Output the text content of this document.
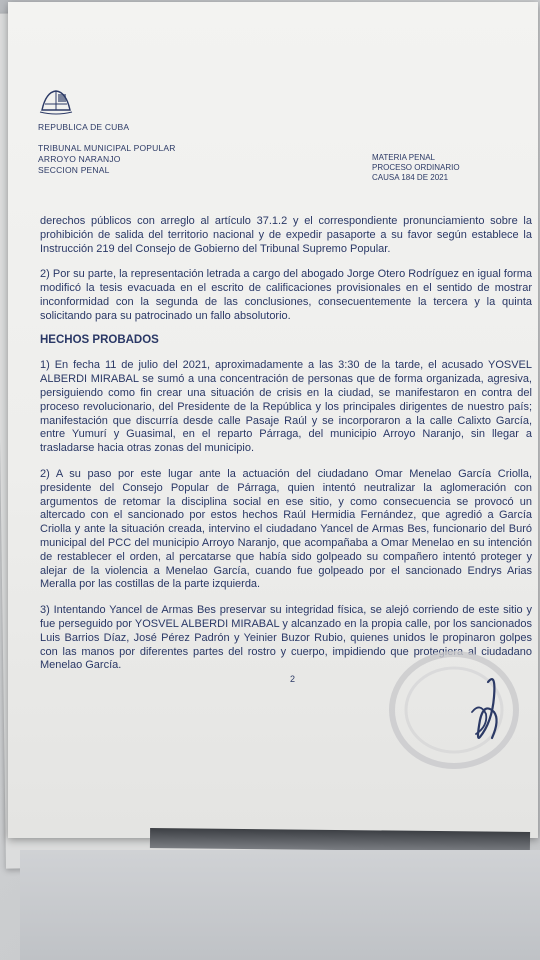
REPUBLICA DE CUBA
TRIBUNAL MUNICIPAL POPULAR
ARROYO NARANJO
SECCION PENAL
MATERIA PENAL
PROCESO ORDINARIO
CAUSA 184 DE 2021

derechos públicos con arreglo al artículo 37.1.2 y el correspondiente pronunciamiento sobre la prohibición de salida del territorio nacional y de expedir pasaporte a su favor según establece la Instrucción 219 del Consejo de Gobierno del Tribunal Supremo Popular.

2) Por su parte, la representación letrada a cargo del abogado Jorge Otero Rodríguez en igual forma modificó la tesis evacuada en el escrito de calificaciones provisionales en el sentido de mostrar inconformidad con la segunda de las conclusiones, consecuentemente la tercera y la quinta solicitando para su patrocinado un fallo absolutorio.

HECHOS PROBADOS

1) En fecha 11 de julio del 2021, aproximadamente a las 3:30 de la tarde, el acusado YOSVEL ALBERDI MIRABAL se sumó a una concentración de personas que de forma organizada, agresiva, persiguiendo como fin crear una situación de crisis en la ciudad, se manifestaron en contra del proceso revolucionario, del Presidente de la República y los principales dirigentes de nuestro país; manifestación que discurría desde calle Pasaje Raúl y se incorporaron a la calle Calixto García, entre Yumurí y Guasimal, en el reparto Párraga, del municipio Arroyo Naranjo, sin llegar a trasladarse hacia otras zonas del municipio.

2) A su paso por este lugar ante la actuación del ciudadano Omar Menelao García Criolla, presidente del Consejo Popular de Párraga, quien intentó neutralizar la aglomeración con argumentos de retomar la disciplina social en ese sitio, y como consecuencia se provocó un altercado con el sancionado por estos hechos Raúl Hermidia Fernández, que agredió a García Criolla y ante la situación creada, intervino el ciudadano Yancel de Armas Bes, funcionario del Buró municipal del PCC del municipio Arroyo Naranjo, que acompañaba a Omar Menelao en su intención de restablecer el orden, al percatarse que había sido golpeado su compañero intentó proteger y alejar de la violencia a Menelao García, cuando fue golpeado por el sancionado Endrys Arias Meralla por las costillas de la parte izquierda.

3) Intentando Yancel de Armas Bes preservar su integridad física, se alejó corriendo de este sitio y fue perseguido por YOSVEL ALBERDI MIRABAL y alcanzado en la propia calle, por los sancionados Luis Barrios Díaz, José Pérez Padrón y Yeinier Buzor Rubio, quienes unidos le propinaron golpes con las manos por diferentes partes del rostro y cuerpo, impidiendo que protegiera al ciudadano Menelao García.

2
